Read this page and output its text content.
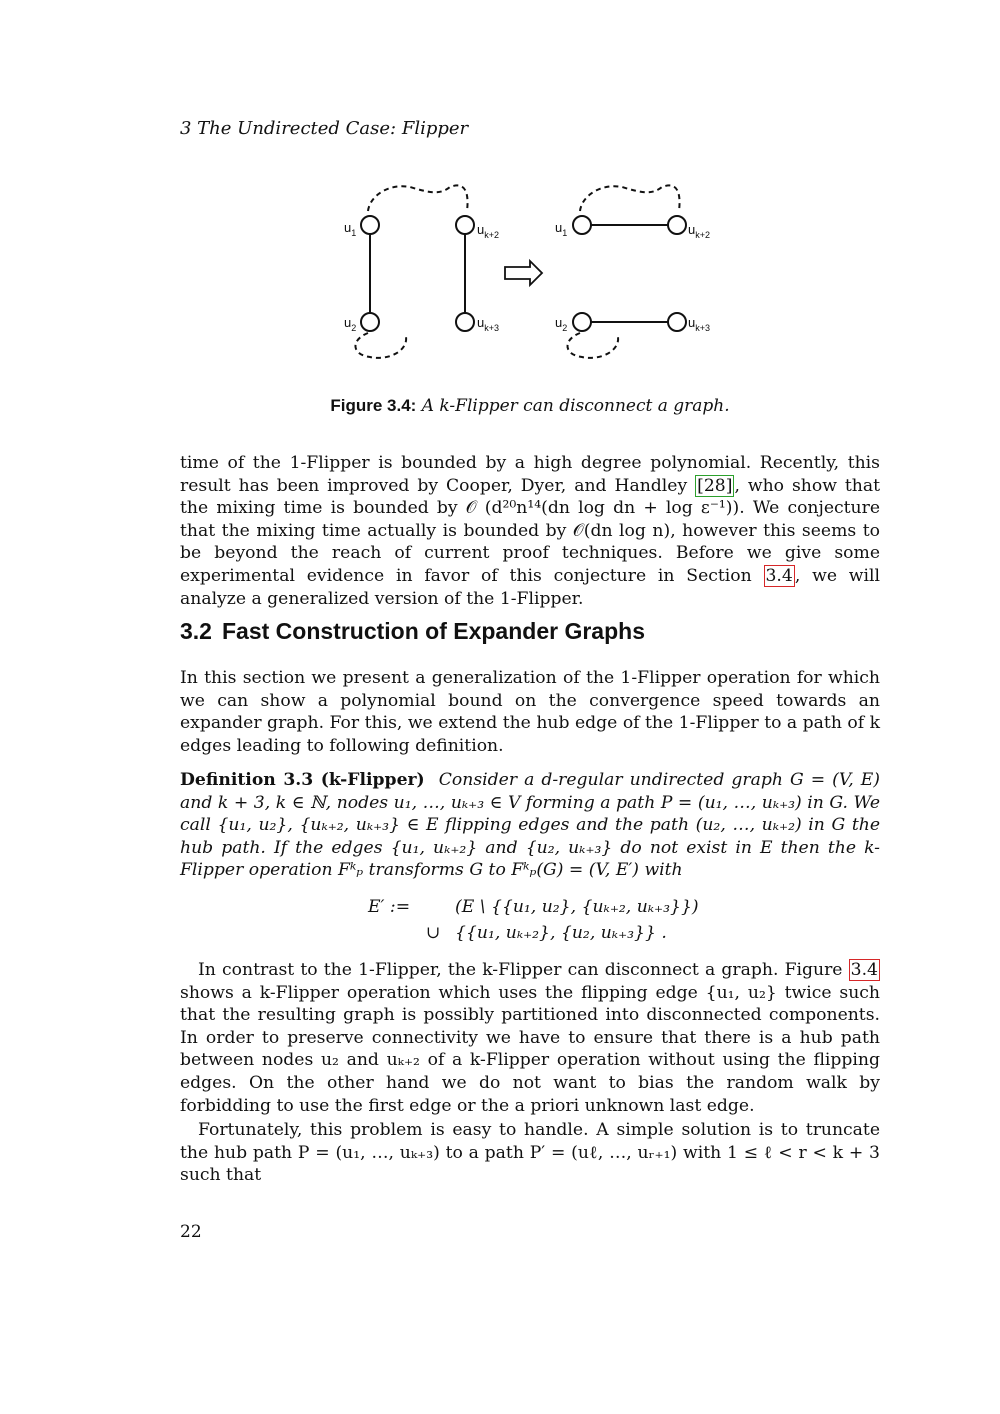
3 The Undirected Case: Flipper
$u_1$	$u_{k+2}$
$u_2$	$u_{k+3}$
$u_1$	$u_{k+2}$
$u_2$	$u_{k+3}$
Figure 3.4: A k-Flipper can disconnect a graph.

time of the 1-Flipper is bounded by a high degree polynomial. Recently, this result has been improved by Cooper, Dyer, and Handley [28] , who show that the mixing time is bounded by 𝒪 (d²⁰n¹⁴(dn log dn + log ε⁻¹)). We conjecture that the mixing time actually is bounded by 𝒪(dn log n), however this seems to be beyond the reach of current proof techniques. Before we give some experimental evidence in favor of this conjecture in Section 3.4 , we will analyze a generalized version of the 1-Flipper.

3.2 Fast Construction of Expander Graphs

In this section we present a generalization of the 1-Flipper operation for which we can show a polynomial bound on the convergence speed towards an expander graph. For this, we extend the hub edge of the 1-Flipper to a path of k edges leading to following definition.

Definition 3.3 (k-Flipper) Consider a d-regular undirected graph G = (V, E) and k + 3, k ∈ ℕ, nodes u₁, …, uₖ₊₃ ∈ V forming a path P = (u₁, …, uₖ₊₃) in G. We call {u₁, u₂}, {uₖ₊₂, uₖ₊₃} ∈ E flipping edges and the path (u₂, …, uₖ₊₂) in G the hub path. If the edges {u₁, uₖ₊₂} and {u₂, uₖ₊₃} do not exist in E then the k-Flipper operation Fᵏₚ transforms G to Fᵏₚ(G) = (V, E′) with

E′ :=	(E \ {{u₁, u₂}, {uₖ₊₂, uₖ₊₃}})
∪ {{u₁, uₖ₊₂}, {u₂, uₖ₊₃}} .

In contrast to the 1-Flipper, the k-Flipper can disconnect a graph. Figure 3.4 shows a k-Flipper operation which uses the flipping edge {u₁, u₂} twice such that the resulting graph is possibly partitioned into disconnected components. In order to preserve connectivity we have to ensure that there is a hub path between nodes u₂ and uₖ₊₂ of a k-Flipper operation without using the flipping edges. On the other hand we do not want to bias the random walk by forbidding to use the first edge or the a priori unknown last edge.

Fortunately, this problem is easy to handle. A simple solution is to truncate the hub path P = (u₁, …, uₖ₊₃) to a path P′ = (uℓ, …, uᵣ₊₁) with 1 ≤ ℓ < r < k + 3 such that

22
